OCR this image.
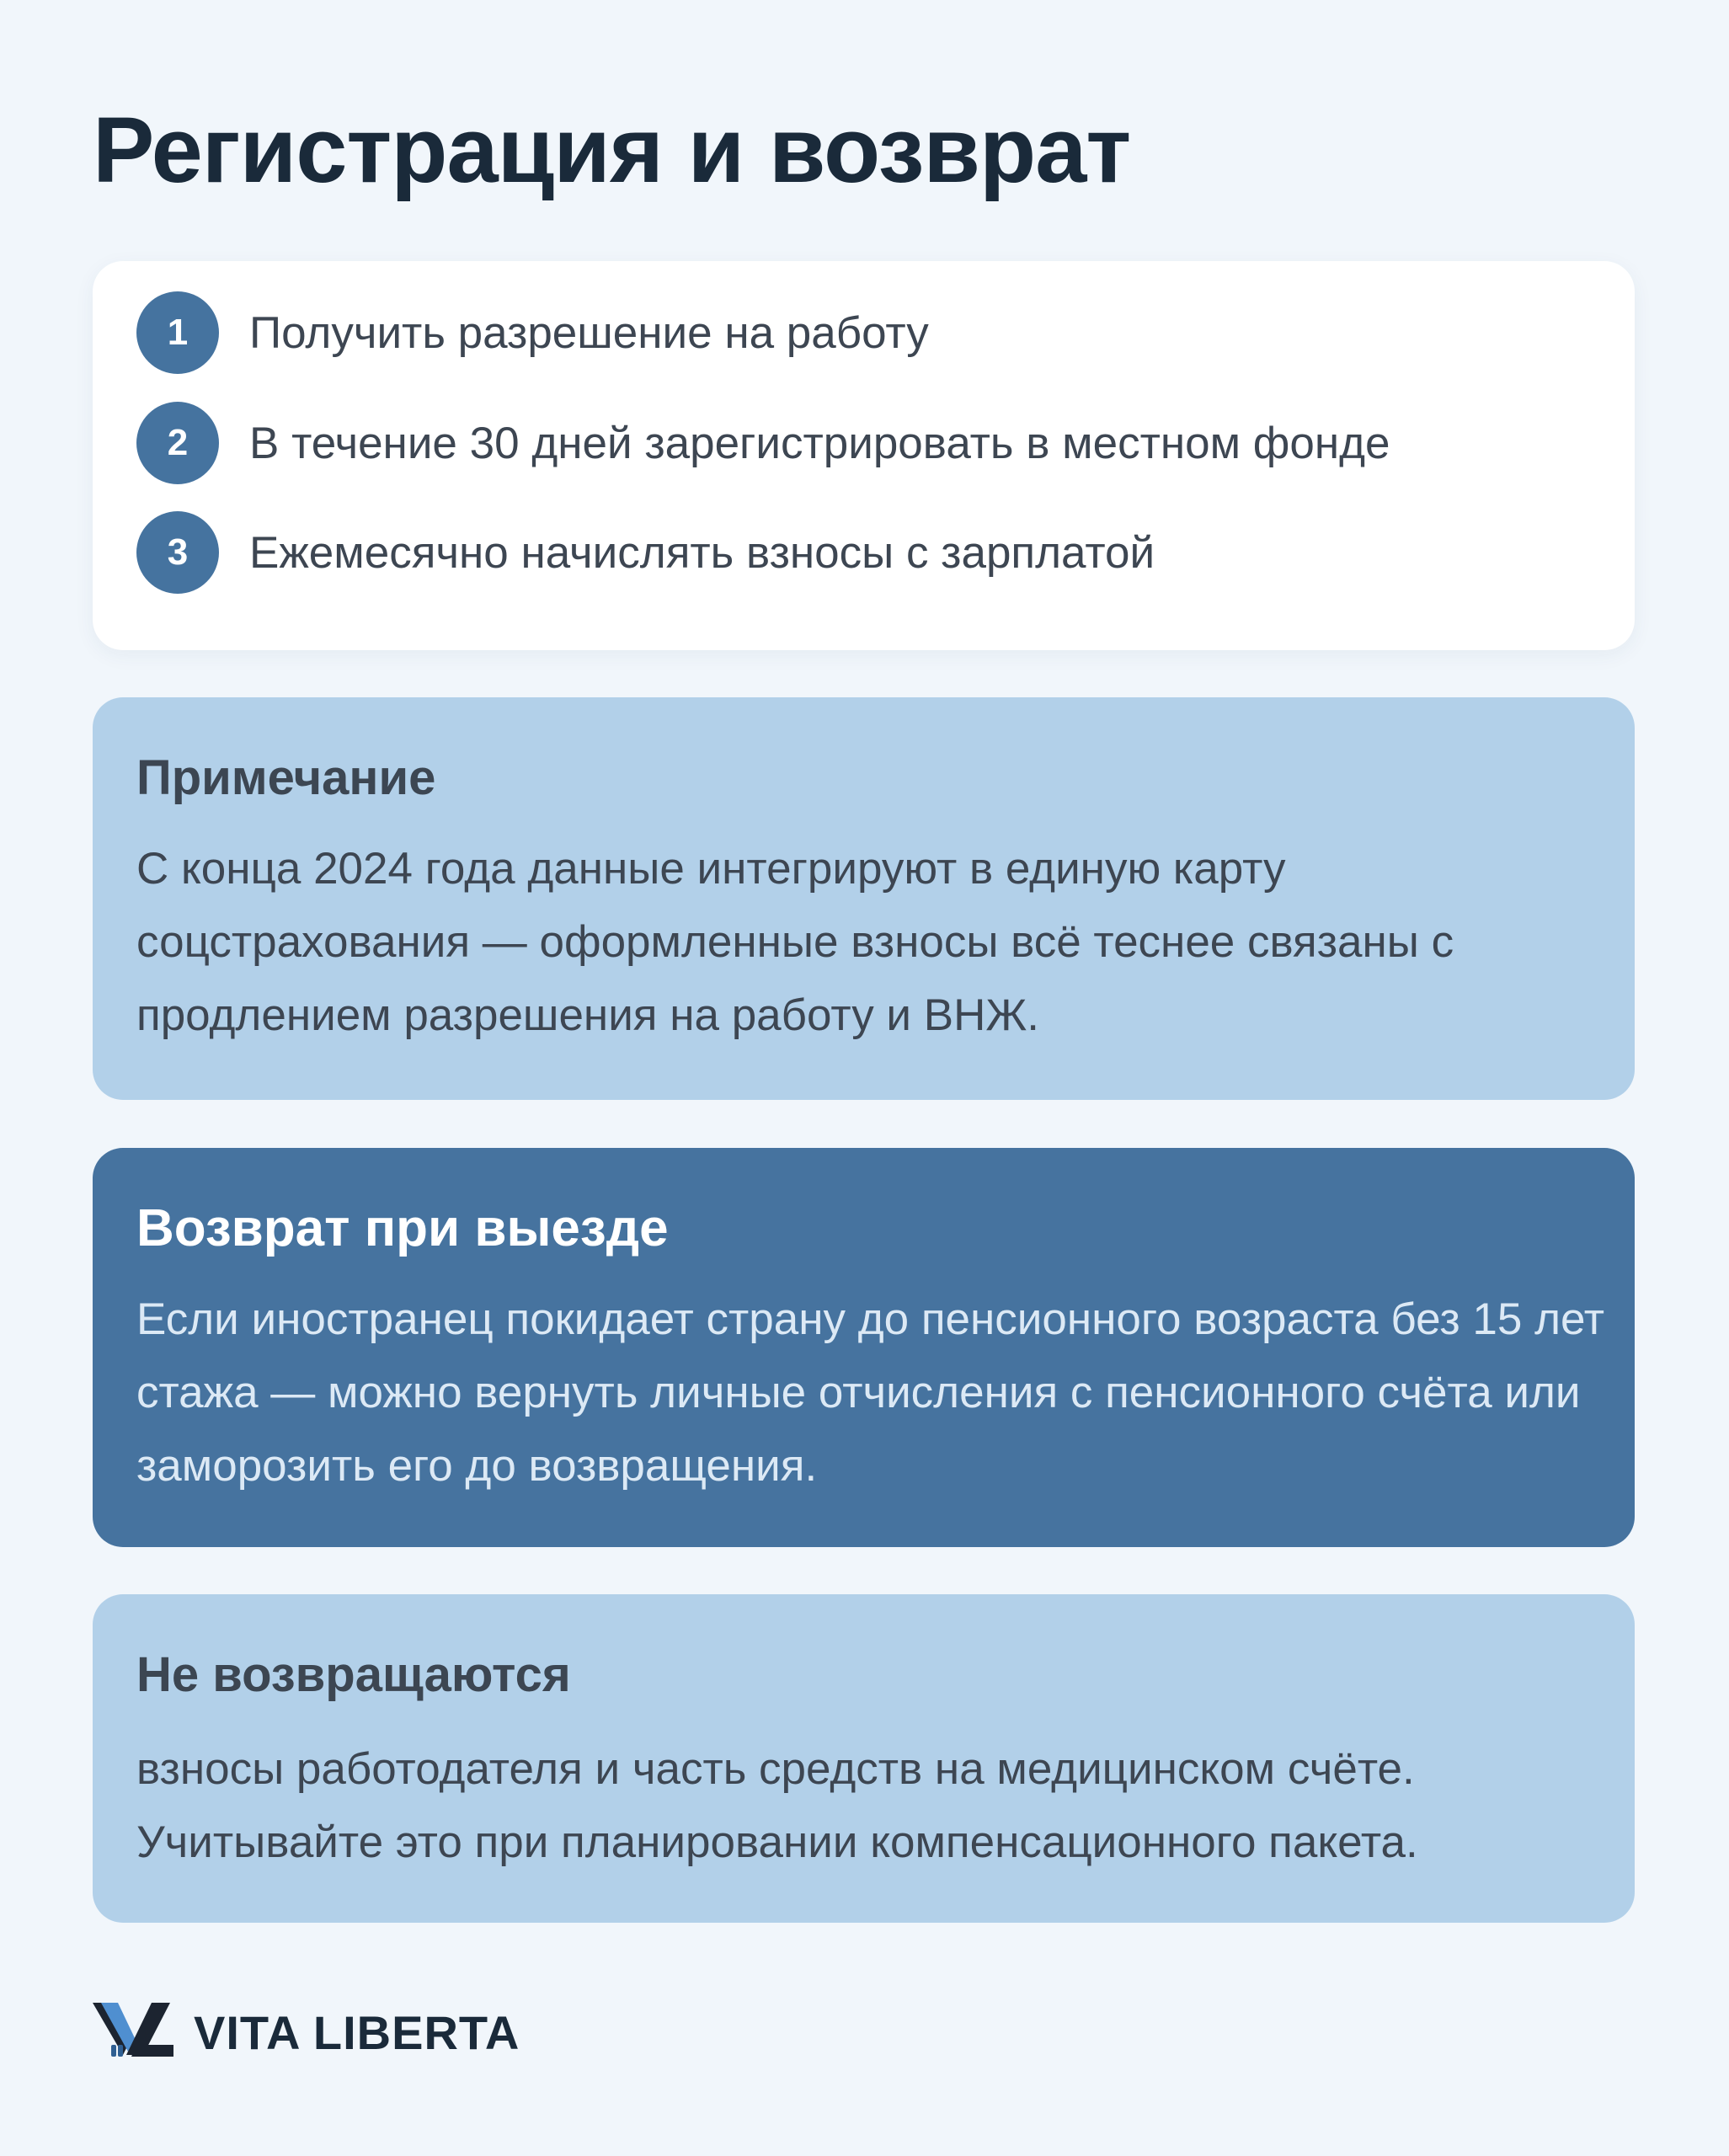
Регистрация и возврат
1	Получить разрешение на работу
2	В течение 30 дней зарегистрировать в местном фонде
3	Ежемесячно начислять взносы с зарплатой
Примечание

С конца 2024 года данные интегрируют в единую карту соцстрахования — оформленные взносы всё теснее связаны с продлением разрешения на работу и ВНЖ.

Возврат при выезде

Если иностранец покидает страну до пенсионного возраста без 15 лет стажа — можно вернуть личные отчисления с пенсионного счёта или заморозить его до возвращения.

Не возвращаются

взносы работодателя и часть средств на медицинском счёте. Учитывайте это при планировании компенсационного пакета.

VITA LIBERTA
